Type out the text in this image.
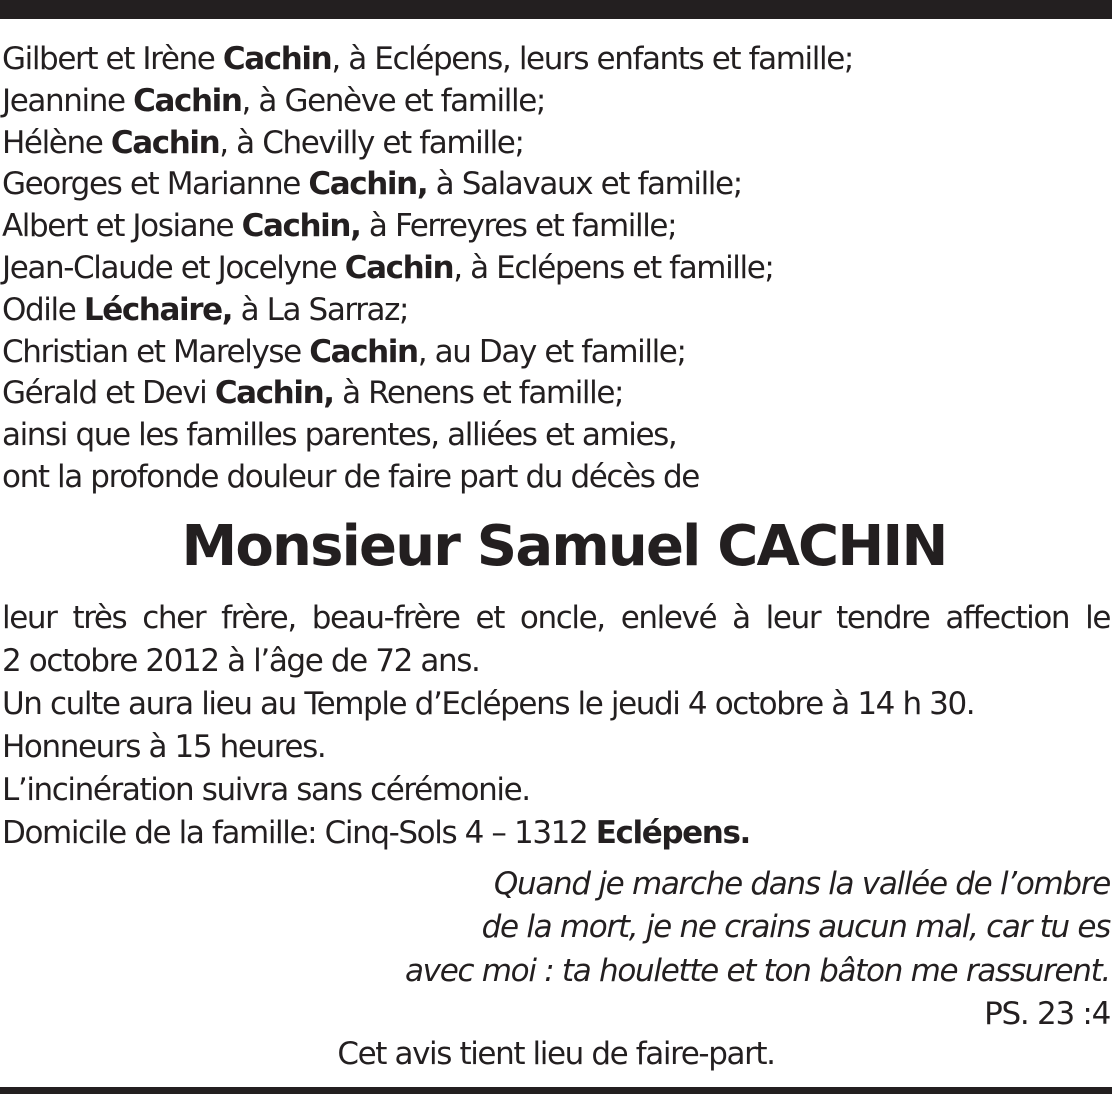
Gilbert et Irène Cachin, à Eclépens, leurs enfants et famille;
Jeannine Cachin, à Genève et famille;
Hélène Cachin, à Chevilly et famille;
Georges et Marianne Cachin, à Salavaux et famille;
Albert et Josiane Cachin, à Ferreyres et famille;
Jean-Claude et Jocelyne Cachin, à Eclépens et famille;
Odile Léchaire, à La Sarraz;
Christian et Marelyse Cachin, au Day et famille;
Gérald et Devi Cachin, à Renens et famille;
ainsi que les familles parentes, alliées et amies,
ont la profonde douleur de faire part du décès de
Monsieur Samuel CACHIN
leur très cher frère, beau-frère et oncle, enlevé à leur tendre affection le
2 octobre 2012 à l’âge de 72 ans.
Un culte aura lieu au Temple d’Eclépens le jeudi 4 octobre à 14 h 30.
Honneurs à 15 heures.
L’incinération suivra sans cérémonie.
Domicile de la famille: Cinq-Sols 4 – 1312 Eclépens.
Quand je marche dans la vallée de l’ombre
de la mort, je ne crains aucun mal, car tu es
avec moi : ta houlette et ton bâton me rassurent.
PS. 23 :4
Cet avis tient lieu de faire-part.
